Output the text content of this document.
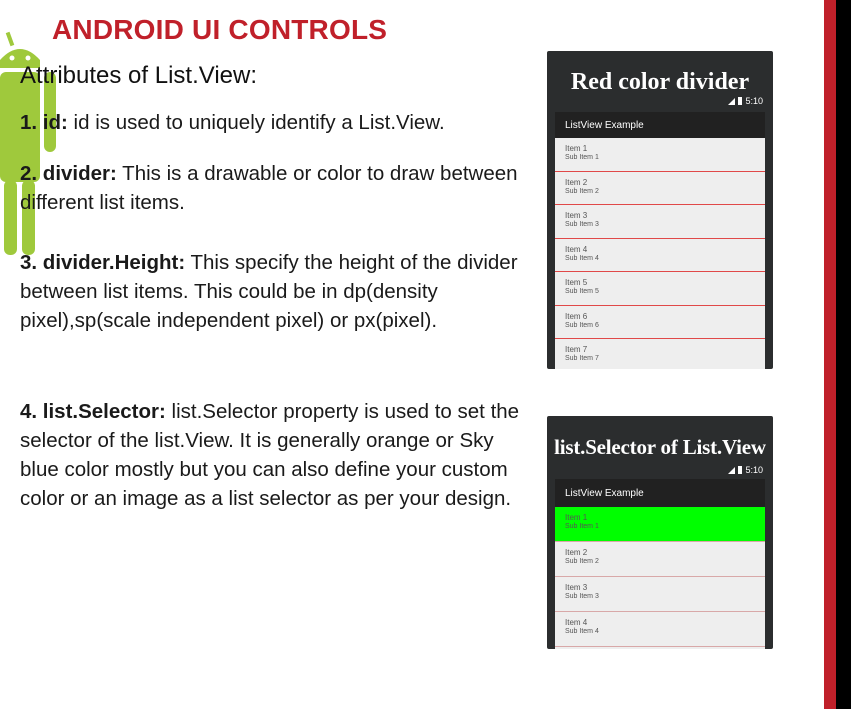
ANDROID UI CONTROLS
Attributes of List.View:

1. id: id is used to uniquely identify a List.View.

2. divider: This is a drawable or color to draw between different list items.

3. divider.Height: This specify the height of the divider between list items. This could be in dp(density pixel),sp(scale independent pixel) or px(pixel).

4. list.Selector: list.Selector property is used to set the selector of the list.View. It is generally orange or Sky blue color mostly but you can also define your custom color or an image as a list selector as per your design.

Red color divider
5:10
ListView Example
Item 1
Sub Item 1
Item 2
Sub Item 2
Item 3
Sub Item 3
Item 4
Sub Item 4
Item 5
Sub Item 5
Item 6
Sub Item 6
Item 7
Sub Item 7
list.Selector of List.View
5:10
ListView Example
Item 1
Sub Item 1
Item 2
Sub Item 2
Item 3
Sub Item 3
Item 4
Sub Item 4
